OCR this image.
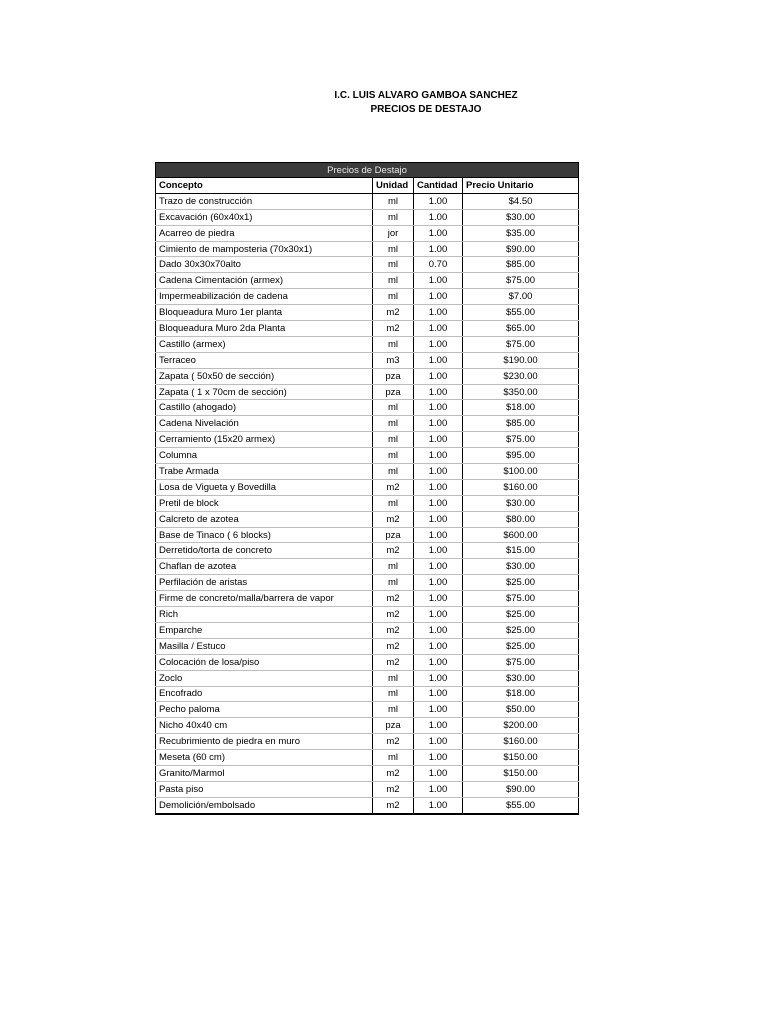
I.C. LUIS ALVARO GAMBOA SANCHEZ
PRECIOS DE DESTAJO
Precios de Destajo			
Concepto	Unidad	Cantidad	Precio Unitario
Trazo de construcción	ml	1.00	$4.50
Excavación (60x40x1)	ml	1.00	$30.00
Acarreo de piedra	jor	1.00	$35.00
Cimiento de mamposteria (70x30x1)	ml	1.00	$90.00
Dado 30x30x70alto	ml	0.70	$85.00
Cadena Cimentación (armex)	ml	1.00	$75.00
Impermeabilización de cadena	ml	1.00	$7.00
Bloqueadura Muro 1er planta	m2	1.00	$55.00
Bloqueadura Muro 2da Planta	m2	1.00	$65.00
Castillo (armex)	ml	1.00	$75.00
Terraceo	m3	1.00	$190.00
Zapata ( 50x50 de sección)	pza	1.00	$230.00
Zapata ( 1 x 70cm de sección)	pza	1.00	$350.00
Castillo (ahogado)	ml	1.00	$18.00
Cadena Nivelación	ml	1.00	$85.00
Cerramiento (15x20 armex)	ml	1.00	$75.00
Columna	ml	1.00	$95.00
Trabe Armada	ml	1.00	$100.00
Losa de Vigueta y Bovedilla	m2	1.00	$160.00
Pretil de block	ml	1.00	$30.00
Calcreto de azotea	m2	1.00	$80.00
Base de Tinaco ( 6 blocks)	pza	1.00	$600.00
Derretido/torta de concreto	m2	1.00	$15.00
Chaflan de azotea	ml	1.00	$30.00
Perfilación de aristas	ml	1.00	$25.00
Firme de concreto/malla/barrera de vapor	m2	1.00	$75.00
Rich	m2	1.00	$25.00
Emparche	m2	1.00	$25.00
Masilla / Estuco	m2	1.00	$25.00
Colocación de losa/piso	m2	1.00	$75.00
Zoclo	ml	1.00	$30.00
Encofrado	ml	1.00	$18.00
Pecho paloma	ml	1.00	$50.00
Nicho 40x40 cm	pza	1.00	$200.00
Recubrimiento de piedra en muro	m2	1.00	$160.00
Meseta (60 cm)	ml	1.00	$150.00
Granito/Marmol	m2	1.00	$150.00
Pasta piso	m2	1.00	$90.00
Demolición/embolsado	m2	1.00	$55.00
